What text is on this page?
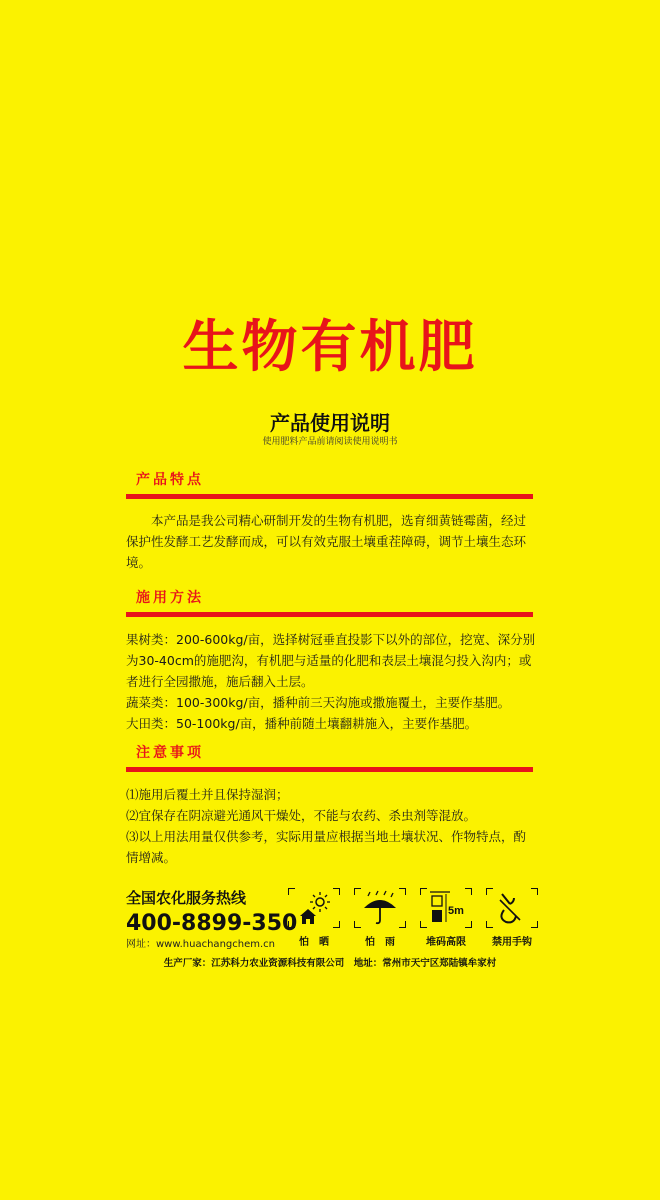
生物有机肥
产品使用说明
使用肥料产品前请阅读使用说明书
产品特点

本产品是我公司精心研制开发的生物有机肥，选育细黄链霉菌，经过保护性发酵工艺发酵而成，可以有效克服土壤重茬障碍，调节土壤生态环境。

施用方法

果树类：200-600kg/亩，选择树冠垂直投影下以外的部位，挖宽、深分别为30-40cm的施肥沟，有机肥与适量的化肥和表层土壤混匀投入沟内；或者进行全园撒施，施后翻入土层。

蔬菜类：100-300kg/亩，播种前三天沟施或撒施覆土，主要作基肥。

大田类：50-100kg/亩，播种前随土壤翻耕施入，主要作基肥。

注意事项

⑴施用后覆土并且保持湿润；

⑵宜保存在阴凉避光通风干燥处，不能与农药、杀虫剂等混放。

⑶以上用法用量仅供参考，实际用量应根据当地土壤状况、作物特点，酌情增减。

全国农化服务热线
400-8899-350
网址：www.huachangchem.cn	怕　晒	怕　雨
5m
堆码高限	禁用手钩
生产厂家：江苏科力农业资源科技有限公司　地址：常州市天宁区郑陆镇牟家村
